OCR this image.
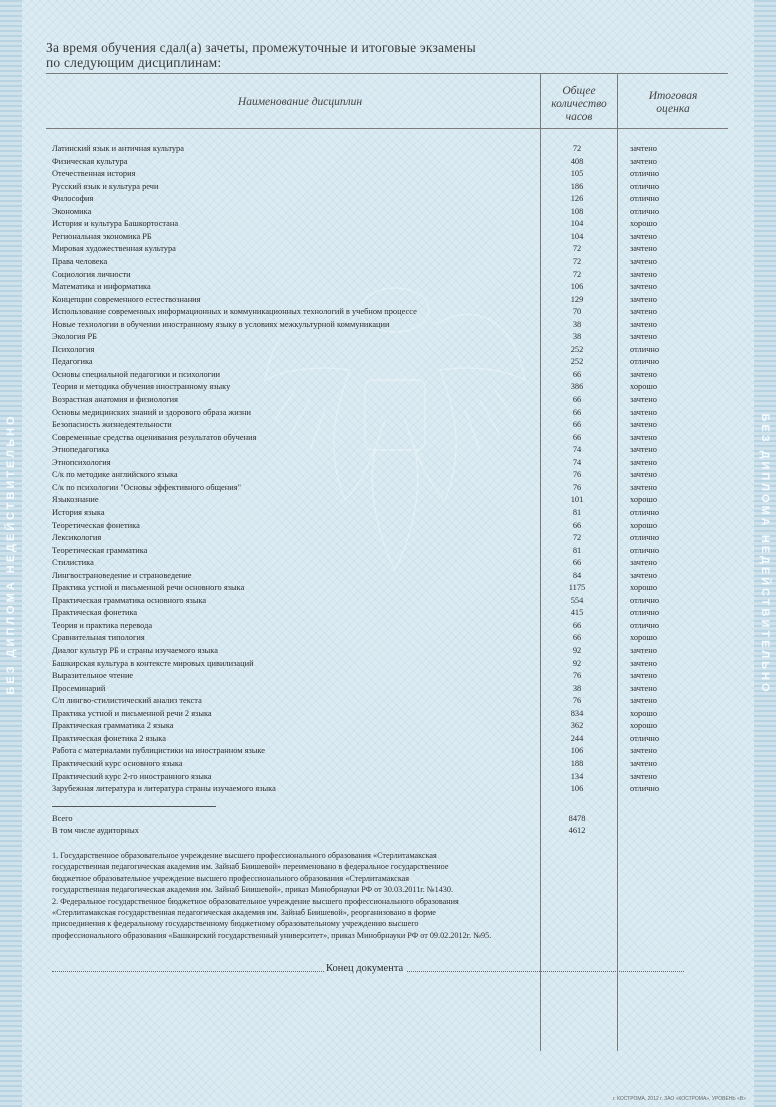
БЕЗ ДИПЛОМА НЕДЕЙСТВИТЕЛЬНО	БЕЗ ДИПЛОМА НЕДЕЙСТВИТЕЛЬНО
За время обучения сдал(а) зачеты, промежуточные и итоговые экзамены
по следующим дисциплинам:
Наименование дисциплин
Общее
количество
часов
Итоговая
оценка
Латинский язык и античная культура	72	зачтено
Физическая культура	408	зачтено
Отечественная история	105	отлично
Русский язык и культура речи	186	отлично
Философия	126	отлично
Экономика	108	отлично
История и культура Башкортостана	104	хорошо
Региональная экономика РБ	104	зачтено
Мировая художественная культура	72	зачтено
Права человека	72	зачтено
Социология личности	72	зачтено
Математика и информатика	106	зачтено
Концепции современного естествознания	129	зачтено
Использование современных информационных и коммуникационных технологий в учебном процессе	70	зачтено
Новые технологии в обучении иностранному языку в условиях межкультурной коммуникации	38	зачтено
Экология РБ	38	зачтено
Психология	252	отлично
Педагогика	252	отлично
Основы специальной педагогики и психологии	66	зачтено
Теория и методика обучения иностранному языку	386	хорошо
Возрастная анатомия и физиология	66	зачтено
Основы медицинских знаний и здорового образа жизни	66	зачтено
Безопасность жизнедеятельности	66	зачтено
Современные средства оценивания результатов обучения	66	зачтено
Этнопедагогика	74	зачтено
Этнопсихология	74	зачтено
С/к по методике английского языка	76	зачтено
С/к по психологии "Основы эффективного общения"	76	зачтено
Языкознание	101	хорошо
История языка	81	отлично
Теоретическая фонетика	66	хорошо
Лексикология	72	отлично
Теоретическая грамматика	81	отлично
Стилистика	66	зачтено
Лингвострановедение и страноведение	84	зачтено
Практика устной и письменной речи основного языка	1175	хорошо
Практическая грамматика основного языка	554	отлично
Практическая фонетика	415	отлично
Теория и практика перевода	66	отлично
Сравнительная типология	66	хорошо
Диалог культур РБ и страны изучаемого языка	92	зачтено
Башкирская культура в контексте мировых цивилизаций	92	зачтено
Выразительное чтение	76	зачтено
Просеминарий	38	зачтено
С/п лингво-стилистический анализ текста	76	зачтено
Практика устной и письменной речи 2 языка	834	хорошо
Практическая грамматика 2 языка	362	хорошо
Практическая фонетика 2 языка	244	отлично
Работа с материалами публицистики на иностранном языке	106	зачтено
Практический курс основного языка	188	зачтено
Практический курс 2-го иностранного языка	134	зачтено
Зарубежная литература и литература страны изучаемого языка	106	отлично
Всего	8478
В том числе аудиторных	4612

1. Государственное образовательное учреждение высшего профессионального образования «Стерлитамакская

государственная педагогическая академия им. Зайнаб Биишевой» переименовано в федеральное государственное

бюджетное образовательное учреждение высшего профессионального образования «Стерлитамакская

государственная педагогическая академия им. Зайнаб Биишевой», приказ Минобрнауки РФ от 30.03.2011г. №1430.

2. Федеральное государственное бюджетное образовательное учреждение высшего профессионального образования

«Стерлитамакская государственная педагогическая академия им. Зайнаб Биишевой», реорганизовано в форме

присоединения к федеральному государственному бюджетному образовательному учреждению высшего

профессионального образования «Башкирский государственный университет», приказ Минобрнауки РФ от 09.02.2012г. №95.

Конец документа
г. КОСТРОМА, 2012 г. ЗАО «КОСТРОМА», УРОВЕНЬ «В»
